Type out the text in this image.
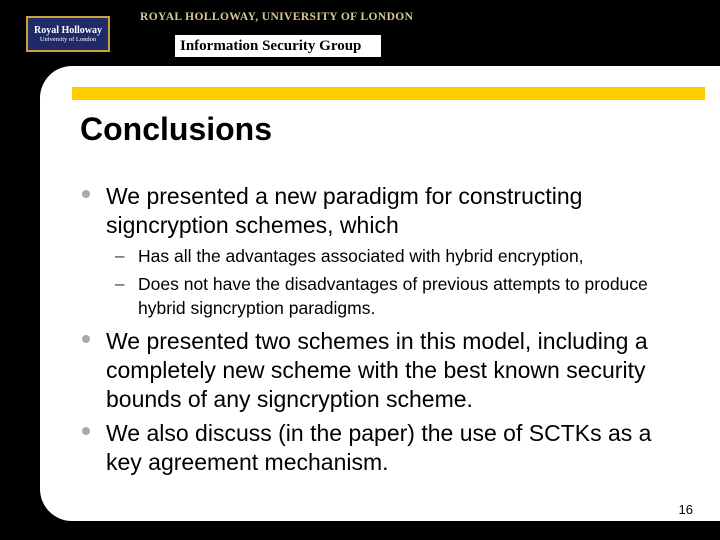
Royal Holloway
University of London
ROYAL HOLLOWAY, UNIVERSITY OF LONDON
Information Security Group
Conclusions
We presented a new paradigm for constructing signcryption schemes, which
– Has all the advantages associated with hybrid encryption,
– Does not have the disadvantages of previous attempts to produce hybrid signcryption paradigms.
We presented two schemes in this model, including a completely new scheme with the best known security bounds of any signcryption scheme.
We also discuss (in the paper) the use of SCTKs as a key agreement mechanism.
16
